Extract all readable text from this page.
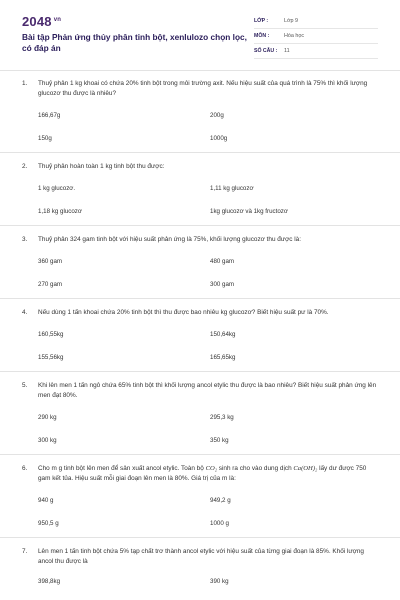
2048 $^{vn}$
Bài tập Phản ứng thủy phân tinh bột, xenlulozo chọn lọc, có đáp án
LỚP :	Lớp 9
MÔN :	Hóa học
SỐ CÂU :	11
1.	Thuỷ phân 1 kg khoai có chứa 20% tinh bột trong môi trường axit. Nếu hiệu suất của quá trình là 75% thì khối lượng glucozơ thu được là nhiêu?
166,67g	200g
150g	1000g
2.	Thuỷ phân hoàn toàn 1 kg tinh bột thu được:
1 kg glucozơ.	1,11 kg glucozơ
1,18 kg glucozơ	1kg glucozơ và 1kg fructozơ
3.	Thuỷ phân 324 gam tinh bột với hiệu suất phản ứng là 75%, khối lượng glucozơ thu được là:
360 gam	480 gam
270 gam	300 gam
4.	Nếu dùng 1 tấn khoai chứa 20% tinh bột thì thu được bao nhiêu kg glucozơ? Biết hiệu suất pư là 70%.
160,55kg	150,64kg
155,56kg	165,65kg
5.	Khi lên men 1 tấn ngô chứa 65% tinh bột thì khối lượng ancol etylic thu được là bao nhiêu? Biết hiệu suất phản ứng lên men đạt 80%.
290 kg	295,3 kg
300 kg	350 kg
6.	Cho m g tinh bột lên men để sản xuất ancol etylic. Toàn bộ CO₂ sinh ra cho vào dung dịch Ca(OH)₂ lấy dư được 750 gam kết tủa. Hiệu suất mỗi giai đoạn lên men là 80%. Giá trị của m là:
940 g	949,2 g
950,5 g	1000 g
7.	Lên men 1 tấn tinh bột chứa 5% tạp chất trơ thành ancol etylic với hiệu suất của từng giai đoạn là 85%. Khối lượng ancol thu được là
398,8kg	390 kg
